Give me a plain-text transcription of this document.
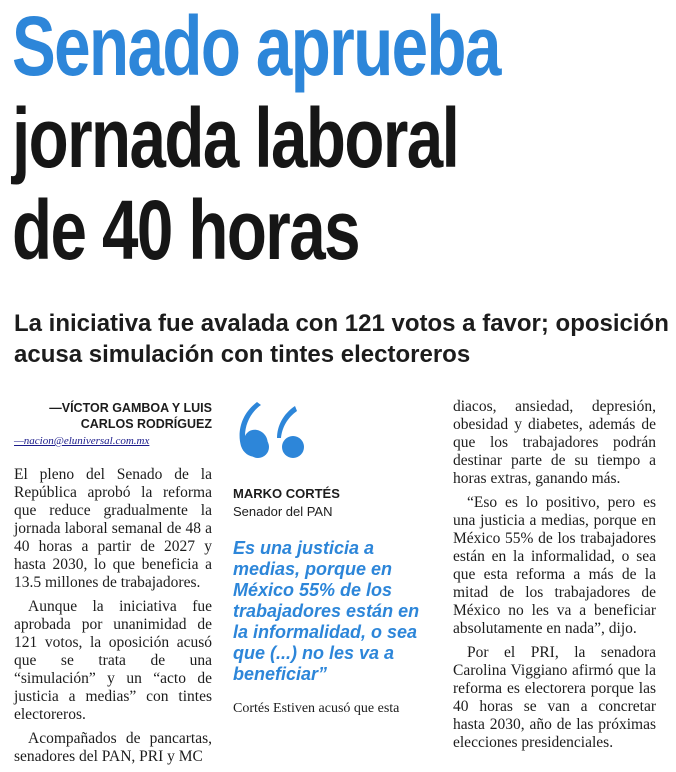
Senado aprueba
jornada laboral
de 40 horas
La iniciativa fue avalada con 121 votos a favor; oposición acusa simulación con tintes electoreros
—VÍCTOR GAMBOA Y LUIS CARLOS RODRÍGUEZ
—nacion@eluniversal.com.mx

El pleno del Senado de la República aprobó la reforma que reduce gradualmente la jornada laboral semanal de 48 a 40 horas a partir de 2027 y hasta 2030, lo que beneficia a 13.5 millones de trabajadores.

Aunque la iniciativa fue aprobada por unanimidad de 121 votos, la oposición acusó que se trata de una “simulación” y un “acto de justicia a medias” con tintes electoreros.

Acompañados de pancartas, senadores del PAN, PRI y MC

MARKO CORTÉS
Senador del PAN

Es una justicia a medias, porque en México 55% de los trabajadores están en la informalidad, o sea que (...) no les va a beneficiar”

Cortés Estiven acusó que esta

diacos, ansiedad, depresión, obesidad y diabetes, además de que los trabajadores podrán destinar parte de su tiempo a horas extras, ganando más.

“Eso es lo positivo, pero es una justicia a medias, porque en México 55% de los trabajadores están en la informalidad, o sea que esta reforma a más de la mitad de los trabajadores de México no les va a beneficiar absolutamente en nada”, dijo.

Por el PRI, la senadora Carolina Viggiano afirmó que la reforma es electorera porque las 40 horas se van a concretar hasta 2030, año de las próximas elecciones presidenciales.
